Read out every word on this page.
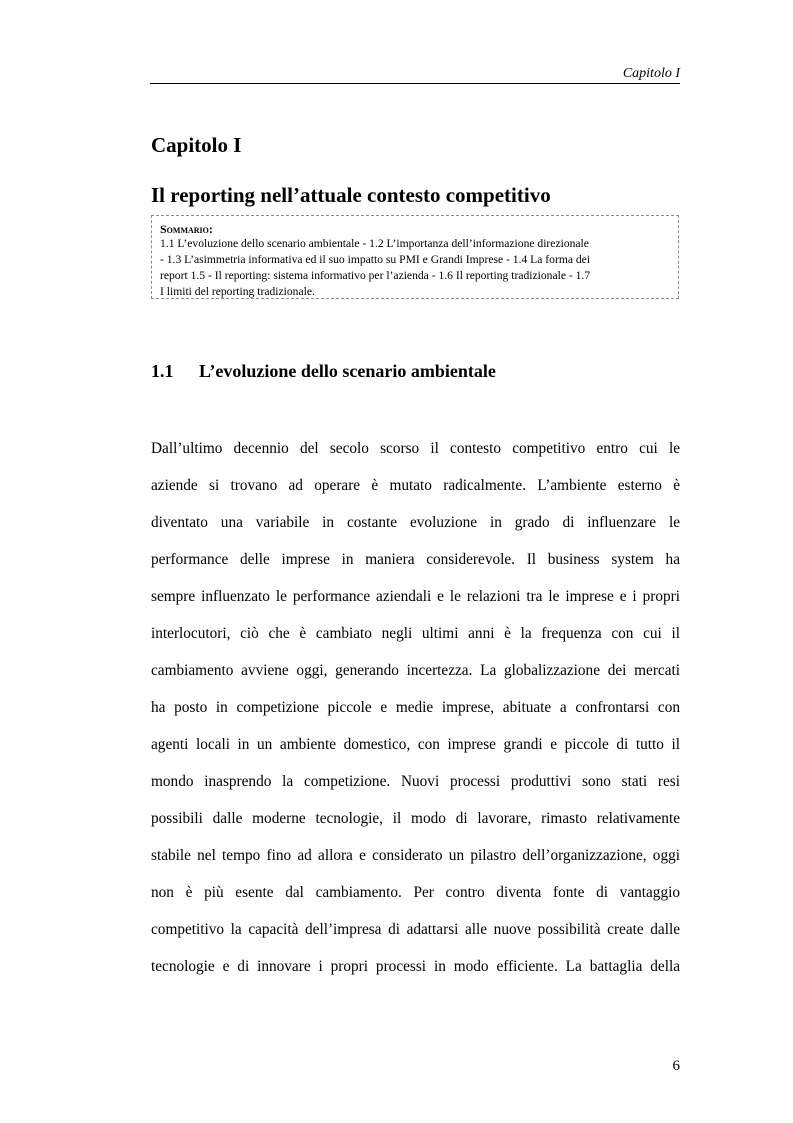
Capitolo I
Capitolo I
Il reporting nell’attuale contesto competitivo
Sommario:
1.1 L’evoluzione dello scenario ambientale - 1.2 L’importanza dell’informazione direzionale
- 1.3 L’asimmetria informativa ed il suo impatto su PMI e Grandi Imprese - 1.4 La forma dei
report 1.5 - Il reporting: sistema informativo per l’azienda - 1.6 Il reporting tradizionale - 1.7
I limiti del reporting tradizionale.
1.1 L’evoluzione dello scenario ambientale
Dall’ultimo decennio del secolo scorso il contesto competitivo entro cui le
aziende si trovano ad operare è mutato radicalmente. L’ambiente esterno è
diventato una variabile in costante evoluzione in grado di influenzare le
performance delle imprese in maniera considerevole. Il business system ha
sempre influenzato le performance aziendali e le relazioni tra le imprese e i propri
interlocutori, ciò che è cambiato negli ultimi anni è la frequenza con cui il
cambiamento avviene oggi, generando incertezza. La globalizzazione dei mercati
ha posto in competizione piccole e medie imprese, abituate a confrontarsi con
agenti locali in un ambiente domestico, con imprese grandi e piccole di tutto il
mondo inasprendo la competizione. Nuovi processi produttivi sono stati resi
possibili dalle moderne tecnologie, il modo di lavorare, rimasto relativamente
stabile nel tempo fino ad allora e considerato un pilastro dell’organizzazione, oggi
non è più esente dal cambiamento. Per contro diventa fonte di vantaggio
competitivo la capacità dell’impresa di adattarsi alle nuove possibilità create dalle
tecnologie e di innovare i propri processi in modo efficiente. La battaglia della
6
